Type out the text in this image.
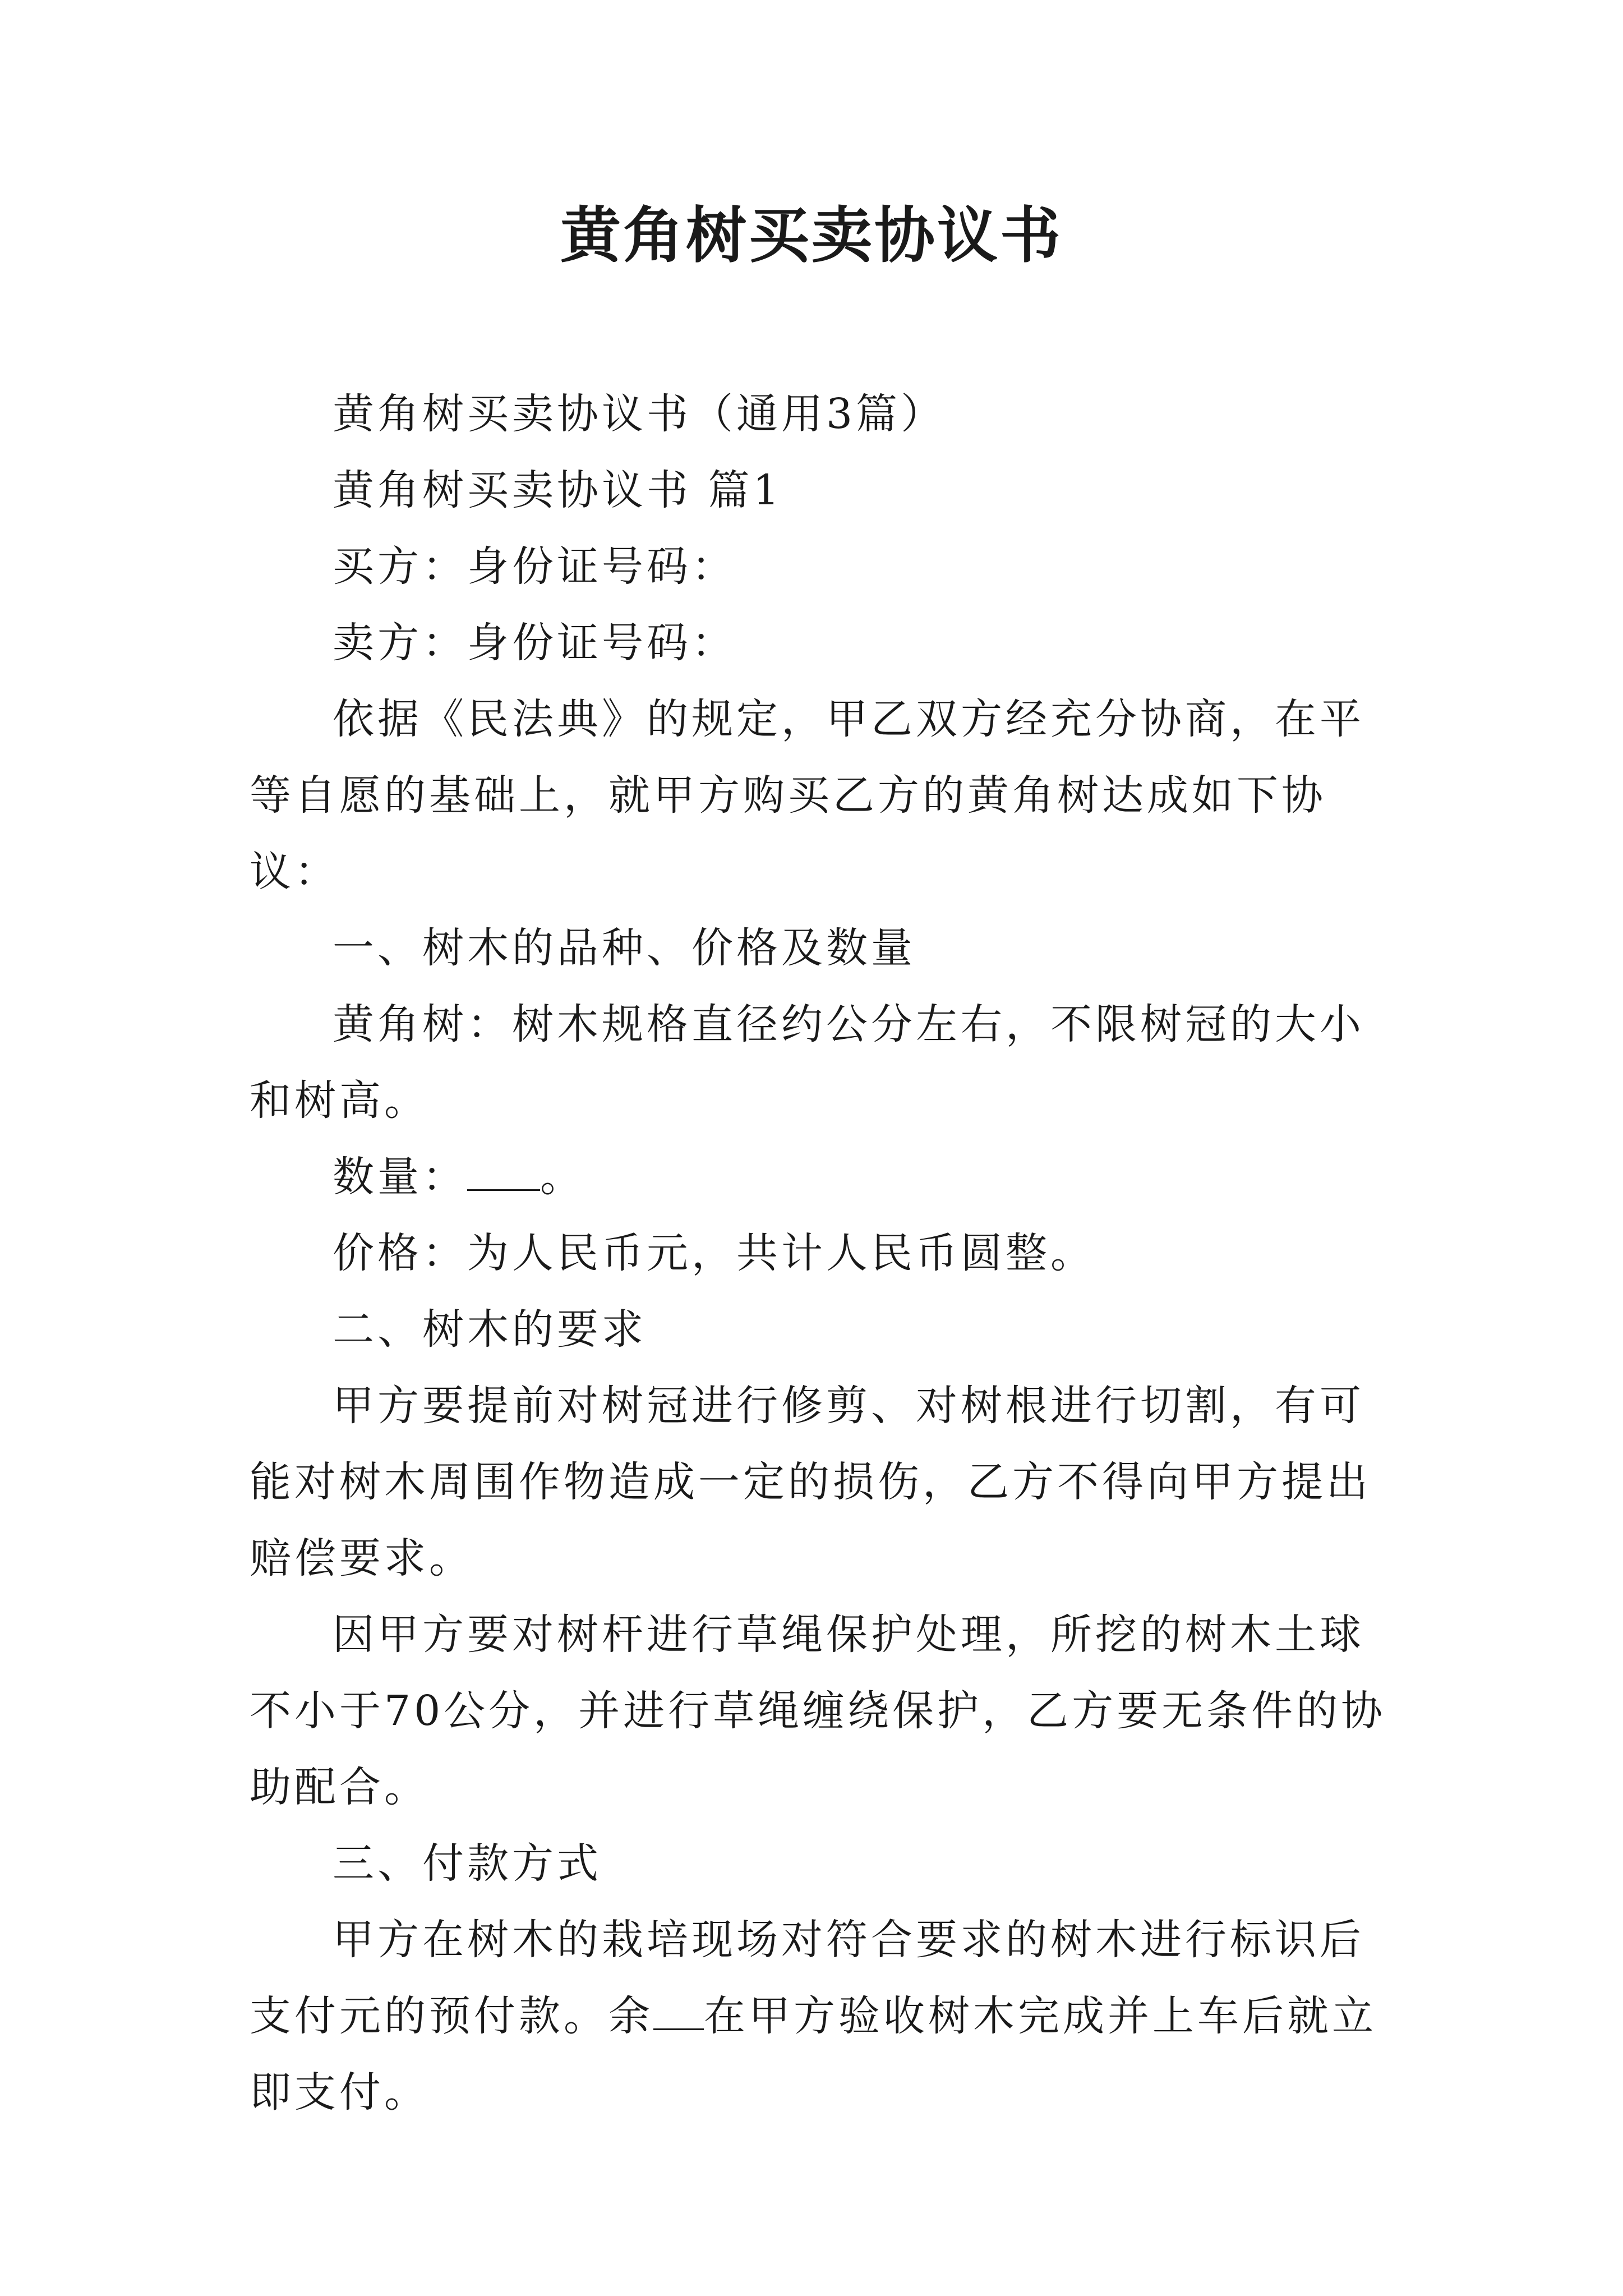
黄角树买卖协议书

黄角树买卖协议书（通用3篇）

黄角树买卖协议书 篇1

买方：身份证号码：

卖方：身份证号码：

依据《民法典》的规定，甲乙双方经充分协商，在平等自愿的基础上，就甲方购买乙方的黄角树达成如下协议：

一、树木的品种、价格及数量

黄角树：树木规格直径约公分左右，不限树冠的大小和树高。

数量： 。

价格：为人民币元，共计人民币圆整。

二、树木的要求

甲方要提前对树冠进行修剪、对树根进行切割，有可能对树木周围作物造成一定的损伤，乙方不得向甲方提出赔偿要求。

因甲方要对树杆进行草绳保护处理，所挖的树木土球不小于70公分，并进行草绳缠绕保护，乙方要无条件的协助配合。

三、付款方式

甲方在树木的栽培现场对符合要求的树木进行标识后支付元的预付款。余 在甲方验收树木完成并上车后就立即支付。
